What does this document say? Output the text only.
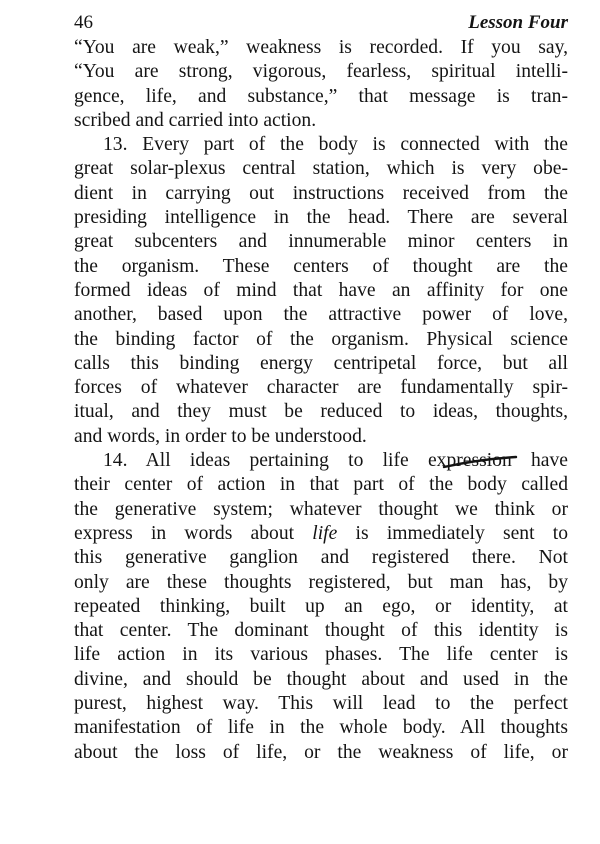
46	Lesson Four
“You are weak,” weakness is recorded. If you say,
“You are strong, vigorous, fearless, spiritual intelli-
gence, life, and substance,” that message is tran-
scribed and carried into action.
13. Every part of the body is connected with the
great solar-plexus central station, which is very obe-
dient in carrying out instructions received from the
presiding intelligence in the head. There are several
great subcenters and innumerable minor centers in
the organism. These centers of thought are the
formed ideas of mind that have an affinity for one
another, based upon the attractive power of love,
the binding factor of the organism. Physical science
calls this binding energy centripetal force, but all
forces of whatever character are fundamentally spir-
itual, and they must be reduced to ideas, thoughts,
and words, in order to be understood.
14. All ideas pertaining to life expression have
their center of action in that part of the body called
the generative system; whatever thought we think or
express in words about life is immediately sent to
this generative ganglion and registered there. Not
only are these thoughts registered, but man has, by
repeated thinking, built up an ego, or identity, at
that center. The dominant thought of this identity is
life action in its various phases. The life center is
divine, and should be thought about and used in the
purest, highest way. This will lead to the perfect
manifestation of life in the whole body. All thoughts
about the loss of life, or the weakness of life, or
